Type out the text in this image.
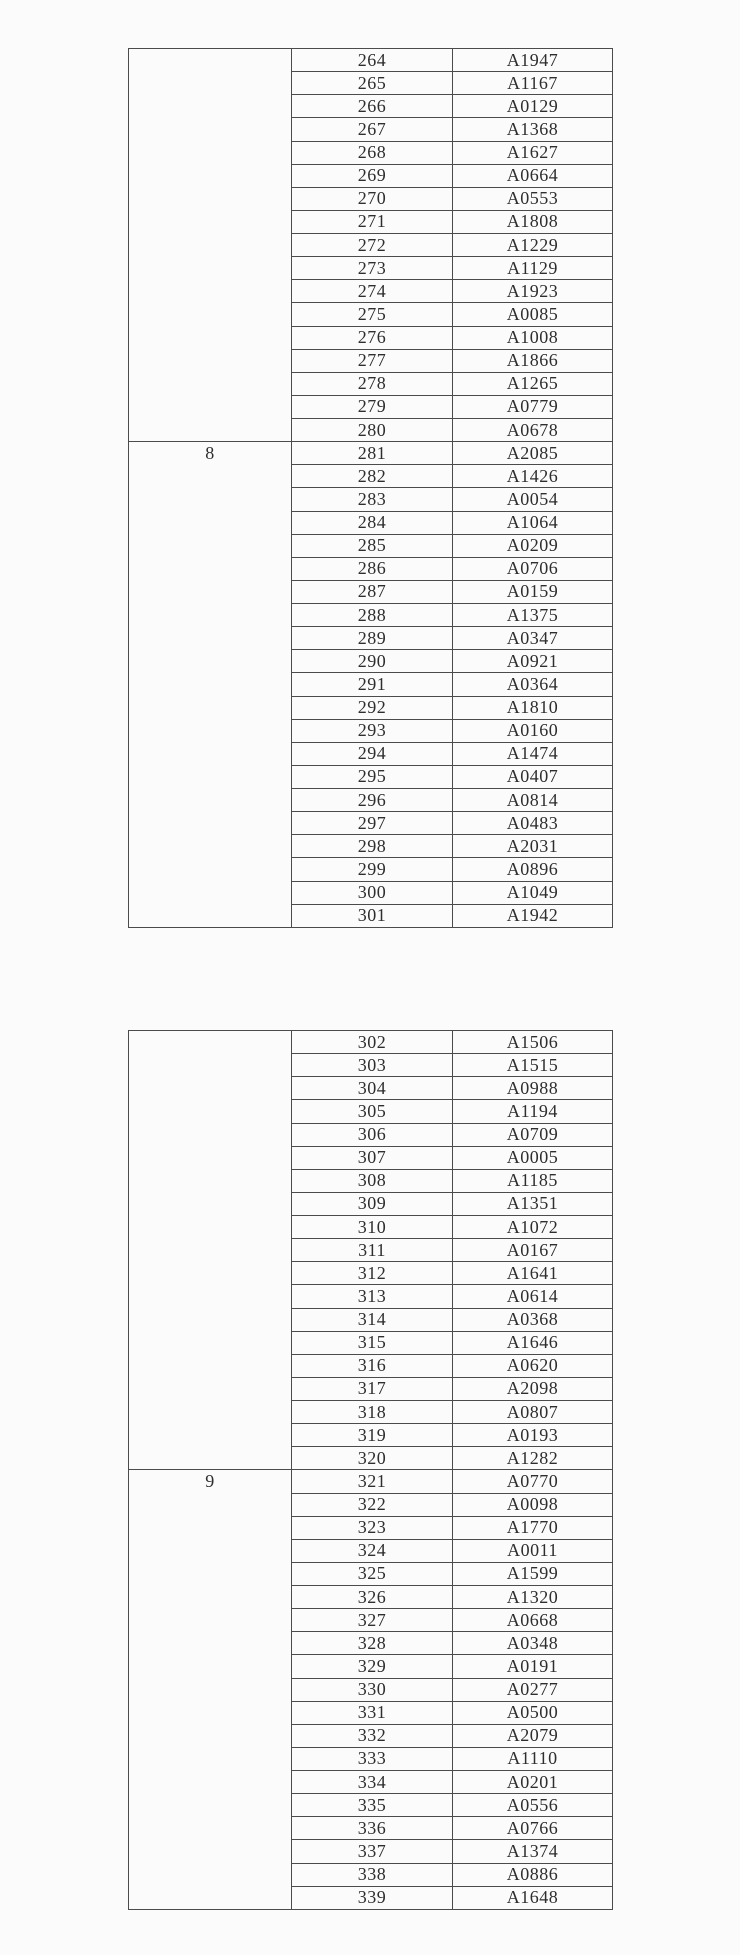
	264	A1947
	265	A1167
	266	A0129
	267	A1368
	268	A1627
	269	A0664
	270	A0553
	271	A1808
	272	A1229
	273	A1129
	274	A1923
	275	A0085
	276	A1008
	277	A1866
	278	A1265
	279	A0779
	280	A0678
8	281	A2085
	282	A1426
	283	A0054
	284	A1064
	285	A0209
	286	A0706
	287	A0159
	288	A1375
	289	A0347
	290	A0921
	291	A0364
	292	A1810
	293	A0160
	294	A1474
	295	A0407
	296	A0814
	297	A0483
	298	A2031
	299	A0896
	300	A1049
	301	A1942
	302	A1506
	303	A1515
	304	A0988
	305	A1194
	306	A0709
	307	A0005
	308	A1185
	309	A1351
	310	A1072
	311	A0167
	312	A1641
	313	A0614
	314	A0368
	315	A1646
	316	A0620
	317	A2098
	318	A0807
	319	A0193
	320	A1282
9	321	A0770
	322	A0098
	323	A1770
	324	A0011
	325	A1599
	326	A1320
	327	A0668
	328	A0348
	329	A0191
	330	A0277
	331	A0500
	332	A2079
	333	A1110
	334	A0201
	335	A0556
	336	A0766
	337	A1374
	338	A0886
	339	A1648
